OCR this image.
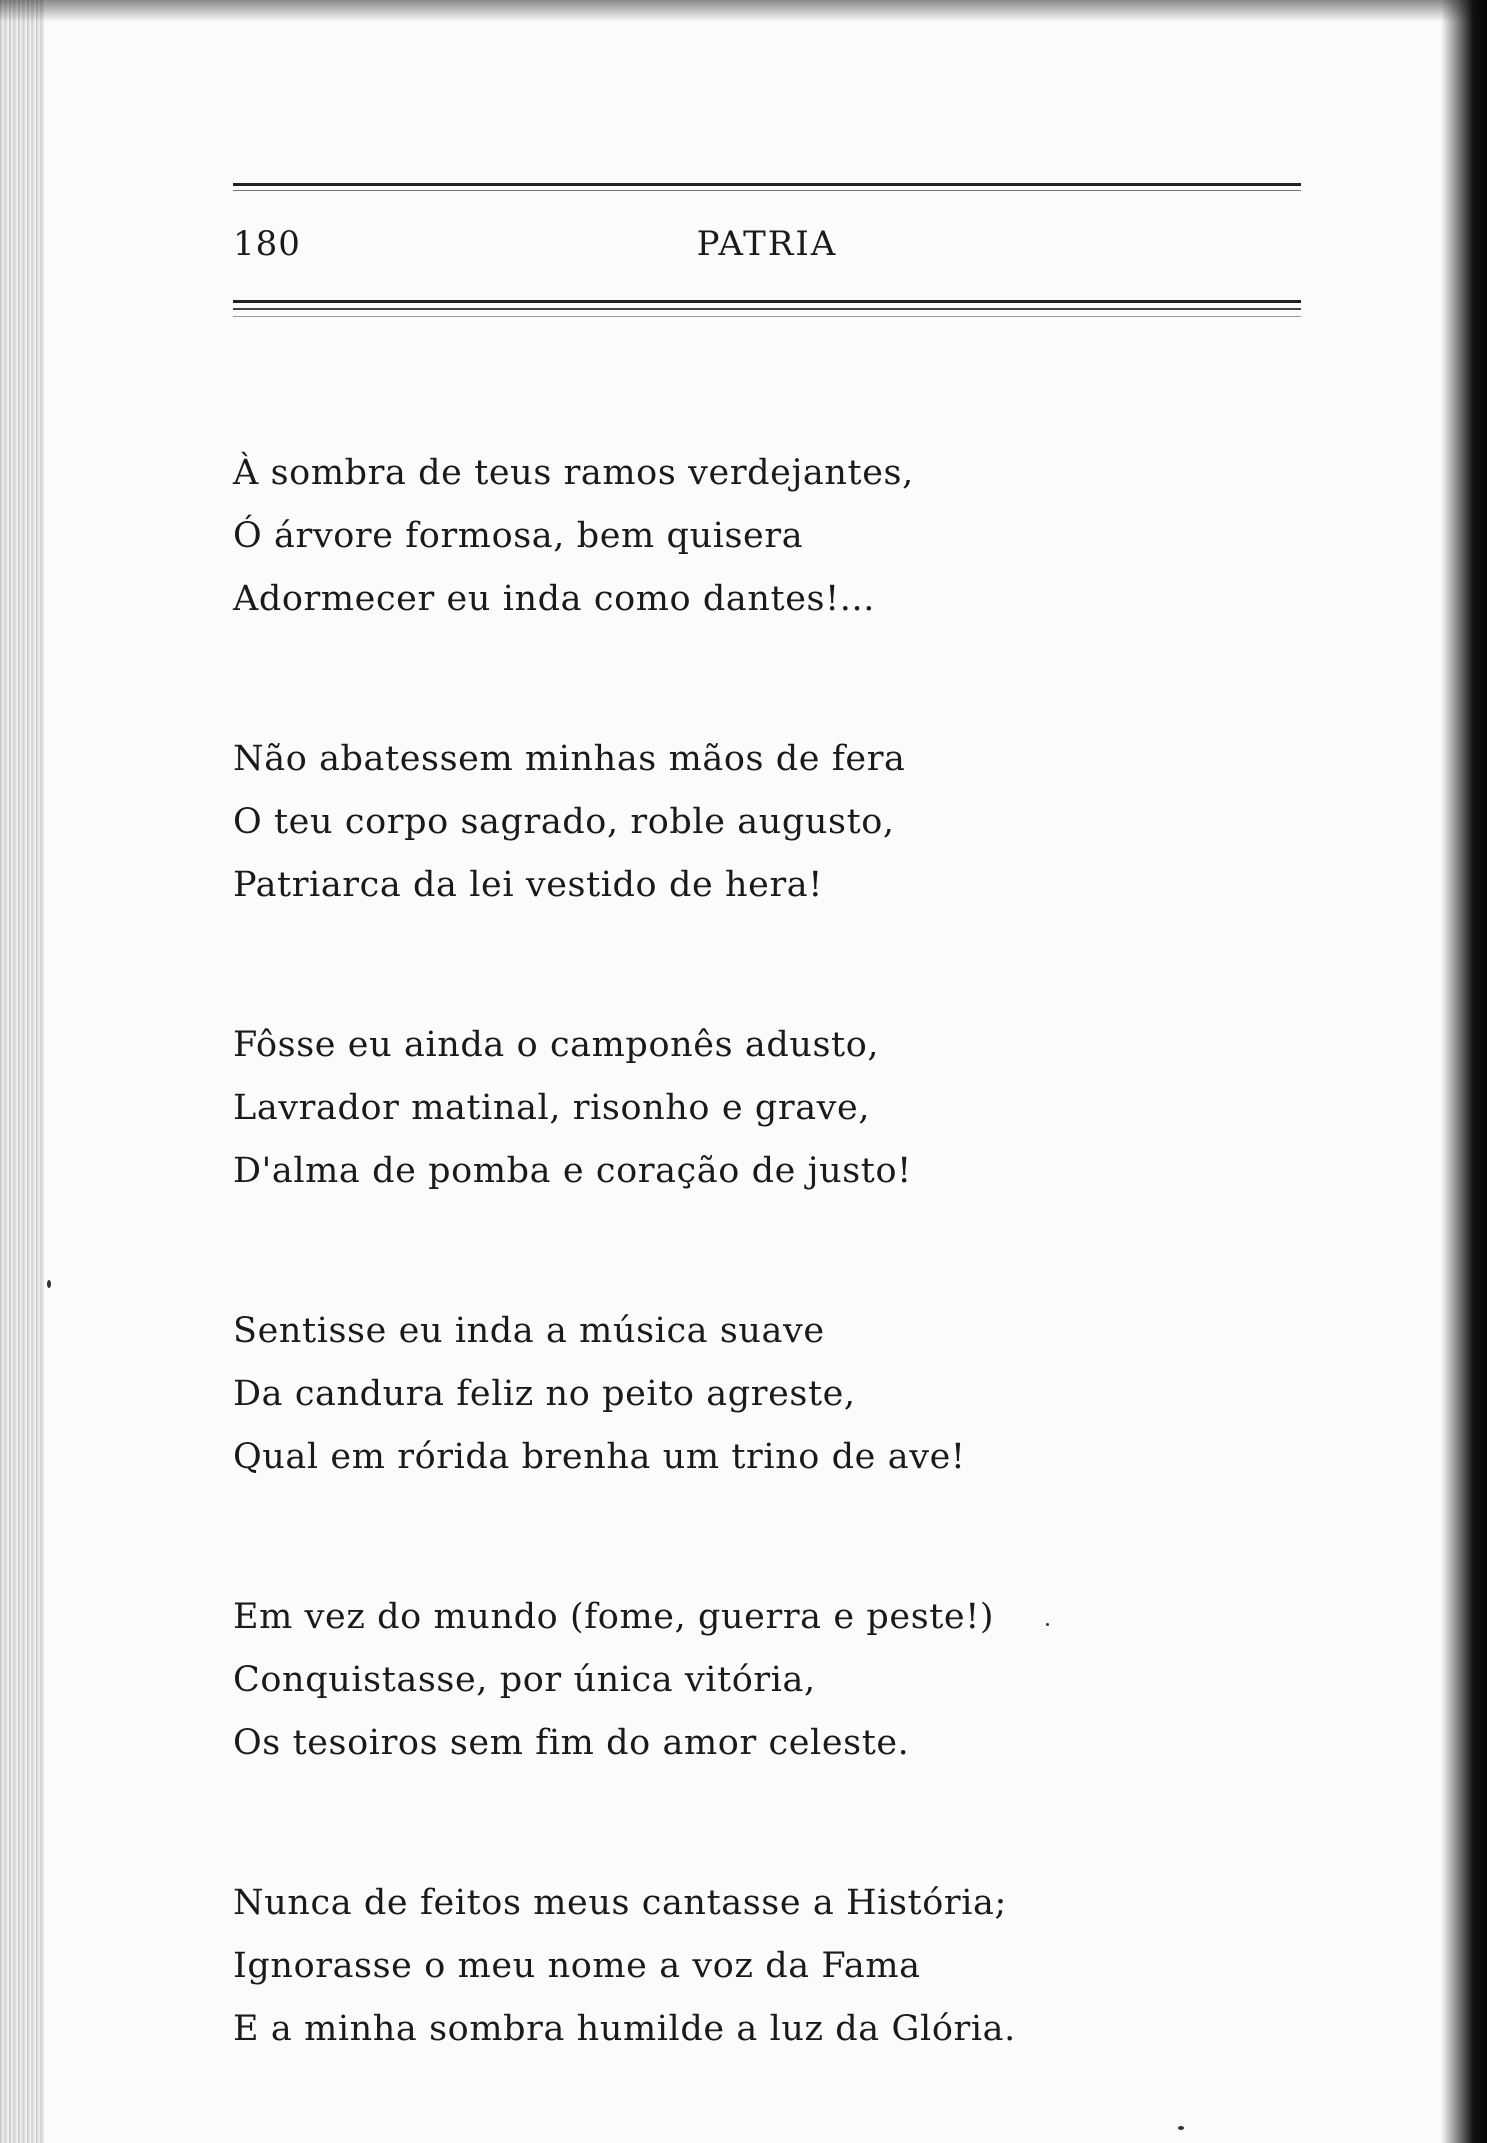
180	PATRIA
À sombra de teus ramos verdejantes,
Ó árvore formosa, bem quisera
Adormecer eu inda como dantes!...
Não abatessem minhas mãos de fera
O teu corpo sagrado, roble augusto,
Patriarca da lei vestido de hera!
Fôsse eu ainda o camponês adusto,
Lavrador matinal, risonho e grave,
D'alma de pomba e coração de justo!
Sentisse eu inda a música suave
Da candura feliz no peito agreste,
Qual em rórida brenha um trino de ave!
Em vez do mundo (fome, guerra e peste!)
Conquistasse, por única vitória,
Os tesoiros sem fim do amor celeste.
Nunca de feitos meus cantasse a História;
Ignorasse o meu nome a voz da Fama
E a minha sombra humilde a luz da Glória.
